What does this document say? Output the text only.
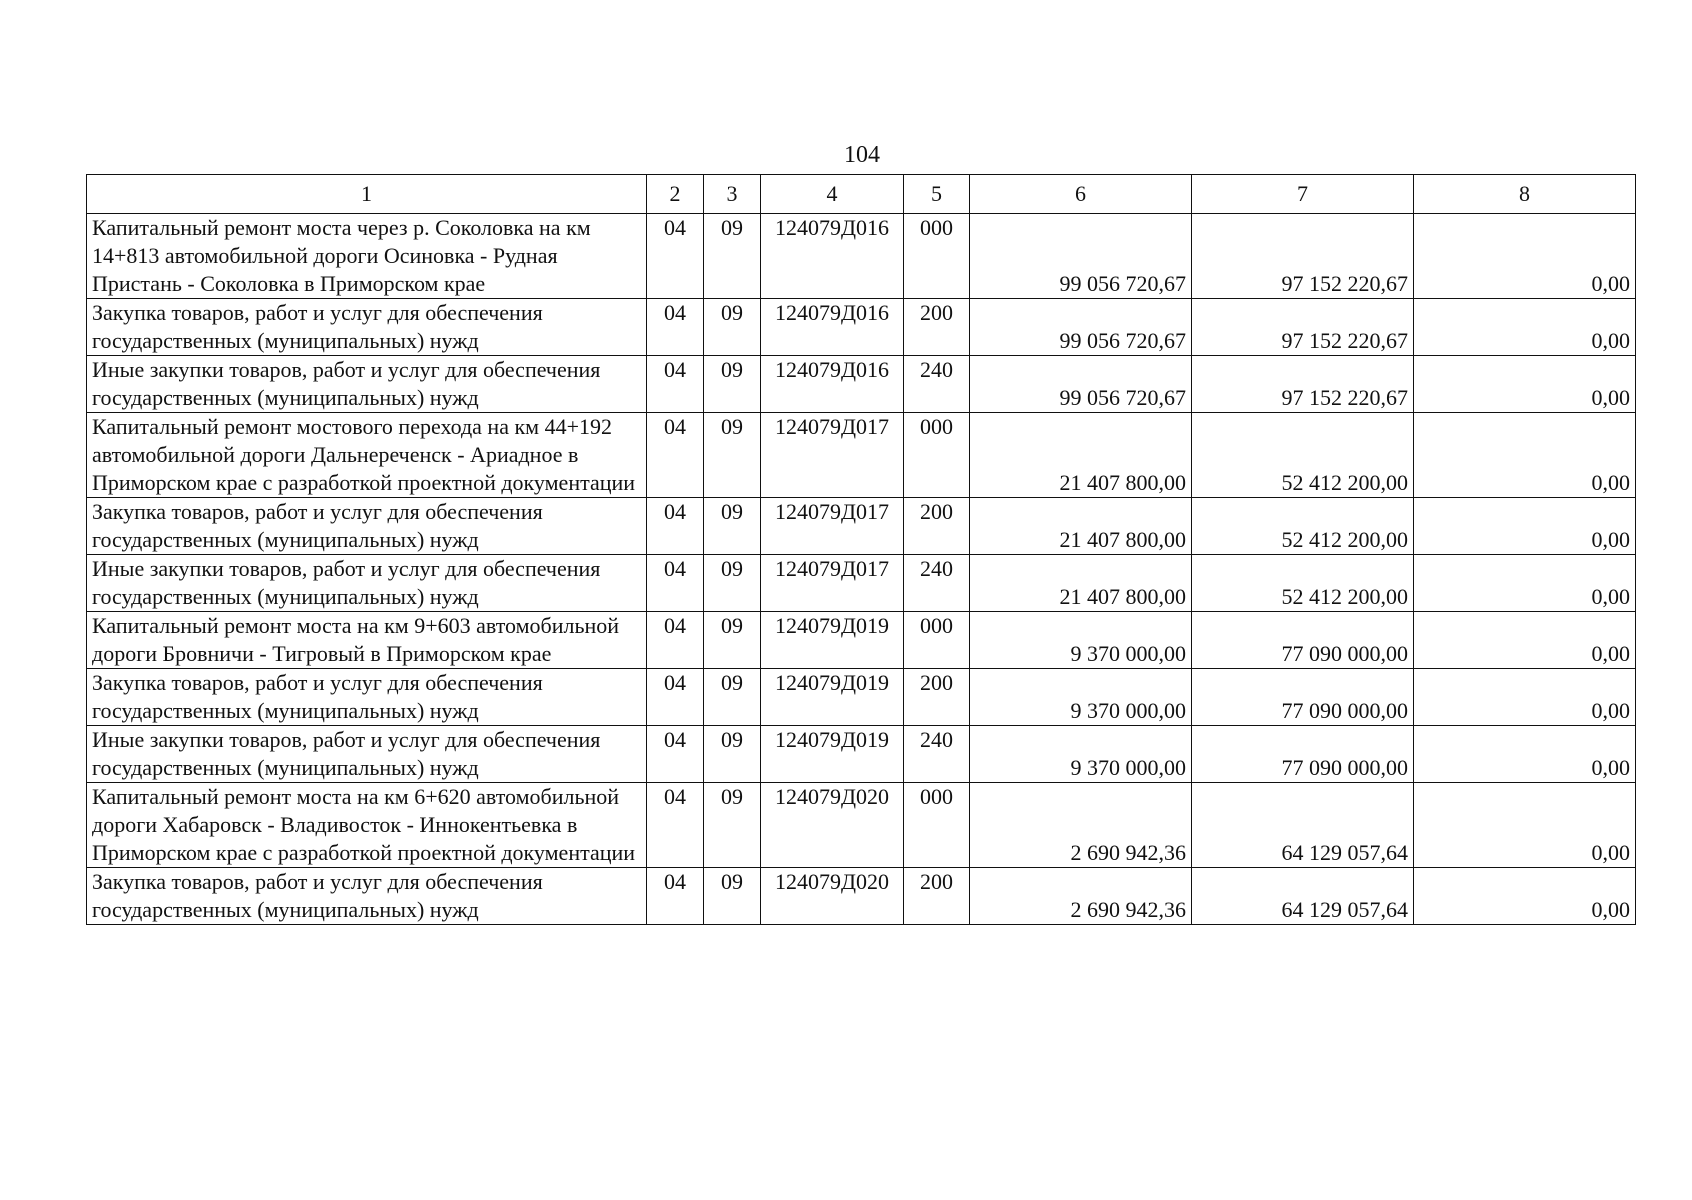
104
1	2	3	4	5	6	7	8
Капитальный ремонт моста через р. Соколовка на км 14+813 автомобильной дороги Осиновка - Рудная Пристань - Соколовка в Приморском крае	04	09	124079Д016	000	99 056 720,67	97 152 220,67	0,00
Закупка товаров, работ и услуг для обеспечения государственных (муниципальных) нужд	04	09	124079Д016	200	99 056 720,67	97 152 220,67	0,00
Иные закупки товаров, работ и услуг для обеспечения государственных (муниципальных) нужд	04	09	124079Д016	240	99 056 720,67	97 152 220,67	0,00
Капитальный ремонт мостового перехода на км 44+192 автомобильной дороги Дальнереченск - Ариадное в Приморском крае с разработкой проектной документации	04	09	124079Д017	000	21 407 800,00	52 412 200,00	0,00
Закупка товаров, работ и услуг для обеспечения государственных (муниципальных) нужд	04	09	124079Д017	200	21 407 800,00	52 412 200,00	0,00
Иные закупки товаров, работ и услуг для обеспечения государственных (муниципальных) нужд	04	09	124079Д017	240	21 407 800,00	52 412 200,00	0,00
Капитальный ремонт моста на км 9+603 автомобильной дороги Бровничи - Тигровый в Приморском крае	04	09	124079Д019	000	9 370 000,00	77 090 000,00	0,00
Закупка товаров, работ и услуг для обеспечения государственных (муниципальных) нужд	04	09	124079Д019	200	9 370 000,00	77 090 000,00	0,00
Иные закупки товаров, работ и услуг для обеспечения государственных (муниципальных) нужд	04	09	124079Д019	240	9 370 000,00	77 090 000,00	0,00
Капитальный ремонт моста на км 6+620 автомобильной дороги Хабаровск - Владивосток - Иннокентьевка в Приморском крае с разработкой проектной документации	04	09	124079Д020	000	2 690 942,36	64 129 057,64	0,00
Закупка товаров, работ и услуг для обеспечения государственных (муниципальных) нужд	04	09	124079Д020	200	2 690 942,36	64 129 057,64	0,00
